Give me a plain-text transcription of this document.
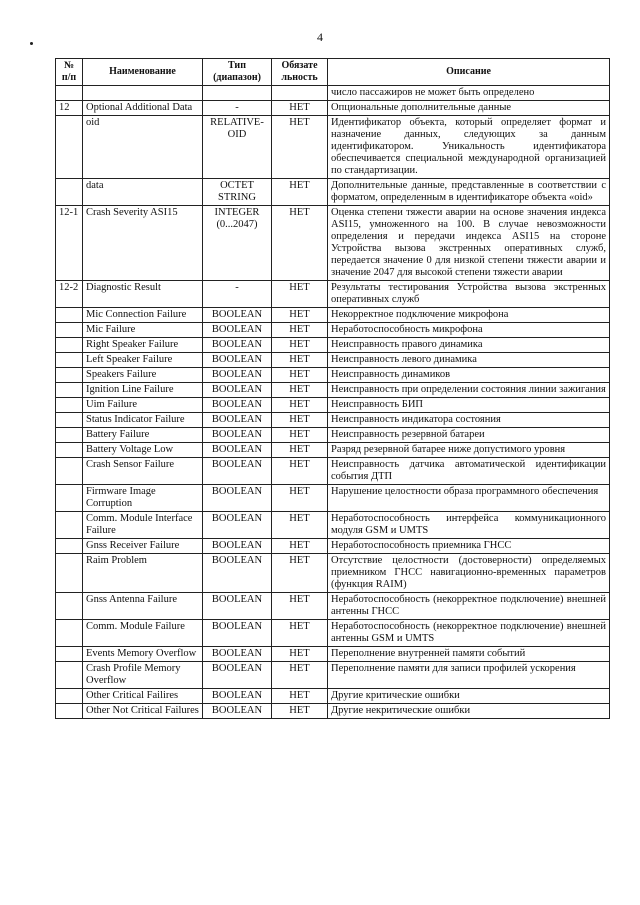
4
№ п/п	Наименование	Тип (диапазон)	Обязате льность	Описание
				число пассажиров не может быть определено
12	Optional Additional Data	-	НЕТ	Опциональные дополнительные данные
	oid	RELATIVE-OID	НЕТ	Идентификатор объекта, который определяет формат и назначение данных, следующих за данным идентификатором. Уникальность идентификатора обеспечивается специальной международной организацией по стандартизации.
	data	OCTET STRING	НЕТ	Дополнительные данные, представленные в соответствии с форматом, определенным в идентификаторе объекта «oid»
12-1	Crash Severity ASI15	INTEGER (0...2047)	НЕТ	Оценка степени тяжести аварии на основе значения индекса ASI15, умноженного на 100. В случае невозможности определения и передачи индекса ASI15 на стороне Устройства вызова экстренных оперативных служб, передается значение 0 для низкой степени тяжести аварии и значение 2047 для высокой степени тяжести аварии
12-2	Diagnostic Result	-	НЕТ	Результаты тестирования Устройства вызова экстренных оперативных служб
	Mic Connection Failure	BOOLEAN	НЕТ	Некорректное подключение микрофона
	Mic Failure	BOOLEAN	НЕТ	Неработоспособность микрофона
	Right Speaker Failure	BOOLEAN	НЕТ	Неисправность правого динамика
	Left Speaker Failure	BOOLEAN	НЕТ	Неисправность левого динамика
	Speakers Failure	BOOLEAN	НЕТ	Неисправность динамиков
	Ignition Line Failure	BOOLEAN	НЕТ	Неисправность при определении состояния линии зажигания
	Uim Failure	BOOLEAN	НЕТ	Неисправность БИП
	Status Indicator Failure	BOOLEAN	НЕТ	Неисправность индикатора состояния
	Battery Failure	BOOLEAN	НЕТ	Неисправность резервной батареи
	Battery Voltage Low	BOOLEAN	НЕТ	Разряд резервной батарее ниже допустимого уровня
	Crash Sensor Failure	BOOLEAN	НЕТ	Неисправность датчика автоматической идентификации события ДТП
	Firmware Image Corruption	BOOLEAN	НЕТ	Нарушение целостности образа программного обеспечения
	Comm. Module Interface Failure	BOOLEAN	НЕТ	Неработоспособность интерфейса коммуникационного модуля GSM и UMTS
	Gnss Receiver Failure	BOOLEAN	НЕТ	Неработоспособность приемника ГНСС
	Raim Problem	BOOLEAN	НЕТ	Отсутствие целостности (достоверности) определяемых приемником ГНСС навигационно-временных параметров (функция RAIM)
	Gnss Antenna Failure	BOOLEAN	НЕТ	Неработоспособность (некорректное подключение) внешней антенны ГНСС
	Comm. Module Failure	BOOLEAN	НЕТ	Неработоспособность (некорректное подключение) внешней антенны GSM и UMTS
	Events Memory Overflow	BOOLEAN	НЕТ	Переполнение внутренней памяти событий
	Crash Profile Memory Overflow	BOOLEAN	НЕТ	Переполнение памяти для записи профилей ускорения
	Other Critical Failires	BOOLEAN	НЕТ	Другие критические ошибки
	Other Not Critical Failures	BOOLEAN	НЕТ	Другие некритические ошибки
